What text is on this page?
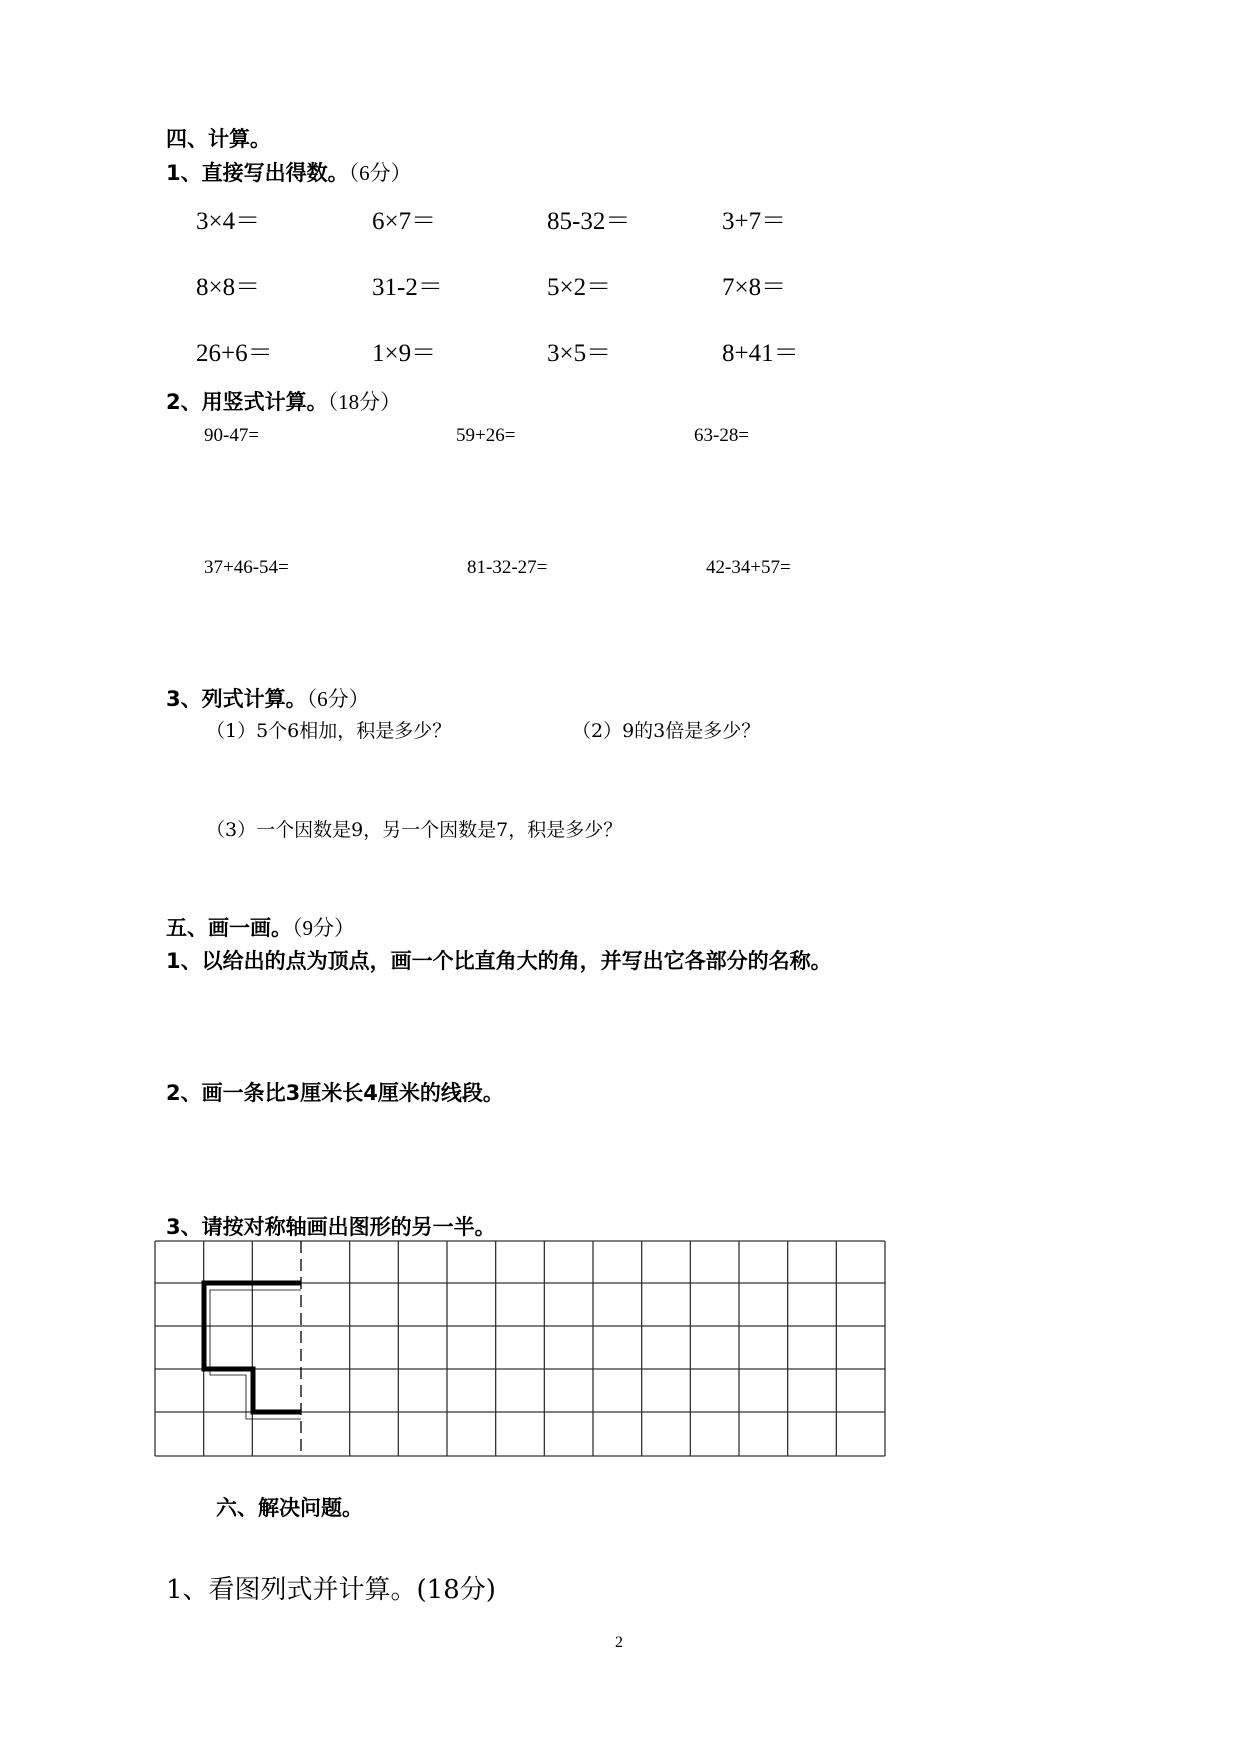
四、计算。
1、直接写出得数。（6分）
3×4＝	6×7＝	85-32＝	3+7＝
8×8＝	31-2＝	5×2＝	7×8＝
26+6＝	1×9＝	3×5＝	8+41＝
2、用竖式计算。（18分）
90-47=	59+26=	63-28=
37+46-54=	81-32-27=	42-34+57=
3、列式计算。（6分）
（1）5个6相加，积是多少？	（2）9的3倍是多少？
（3）一个因数是9，另一个因数是7，积是多少？
五、画一画。（9分）
1、以给出的点为顶点，画一个比直角大的角，并写出它各部分的名称。
2、画一条比3厘米长4厘米的线段。
3、请按对称轴画出图形的另一半。
六、解决问题。
1、看图列式并计算。(18分)
2
